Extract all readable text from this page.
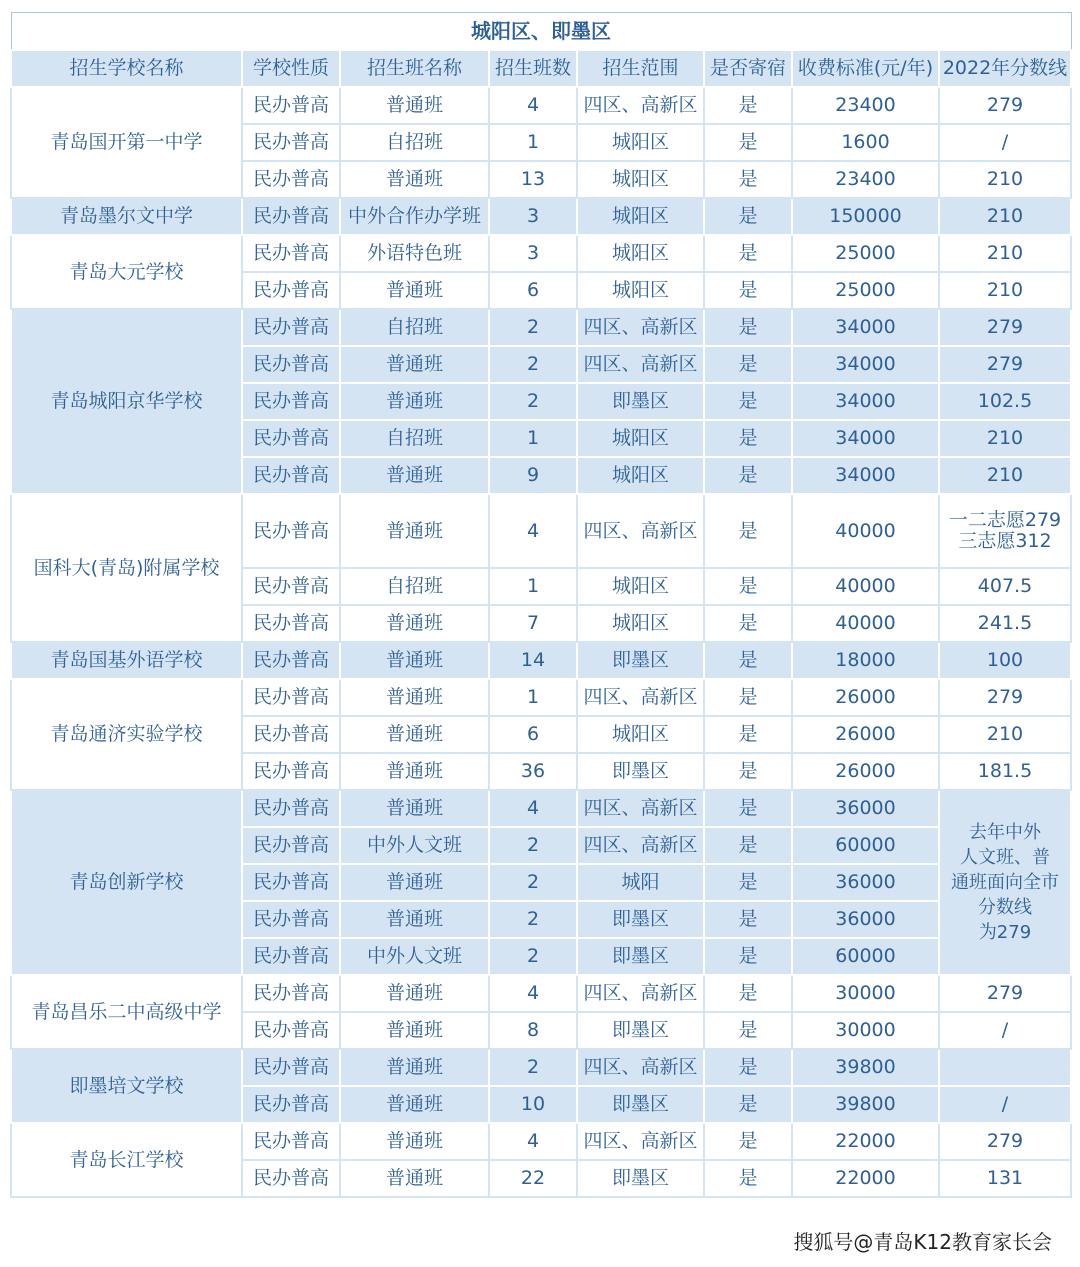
城阳区、即墨区							
招生学校名称	学校性质	招生班名称	招生班数	招生范围	是否寄宿	收费标准(元/年)	2022年分数线
青岛国开第一中学	民办普高	普通班	4	四区、高新区	是	23400	279
	民办普高	自招班	1	城阳区	是	1600	/
	民办普高	普通班	13	城阳区	是	23400	210
青岛墨尔文中学	民办普高	中外合作办学班	3	城阳区	是	150000	210
青岛大元学校	民办普高	外语特色班	3	城阳区	是	25000	210
	民办普高	普通班	6	城阳区	是	25000	210
青岛城阳京华学校	民办普高	自招班	2	四区、高新区	是	34000	279
	民办普高	普通班	2	四区、高新区	是	34000	279
	民办普高	普通班	2	即墨区	是	34000	102.5
	民办普高	自招班	1	城阳区	是	34000	210
	民办普高	普通班	9	城阳区	是	34000	210
国科大(青岛)附属学校	民办普高	普通班	4	四区、高新区	是	40000	一二志愿279
三志愿312
	民办普高	自招班	1	城阳区	是	40000	407.5
	民办普高	普通班	7	城阳区	是	40000	241.5
青岛国基外语学校	民办普高	普通班	14	即墨区	是	18000	100
青岛通济实验学校	民办普高	普通班	1	四区、高新区	是	26000	279
	民办普高	普通班	6	城阳区	是	26000	210
	民办普高	普通班	36	即墨区	是	26000	181.5
青岛创新学校	民办普高	普通班	4	四区、高新区	是	36000	去年中外
人文班、普
通班面向全市
分数线
为279
	民办普高	中外人文班	2	四区、高新区	是	60000	
	民办普高	普通班	2	城阳	是	36000	
	民办普高	普通班	2	即墨区	是	36000	
	民办普高	中外人文班	2	即墨区	是	60000	
青岛昌乐二中高级中学	民办普高	普通班	4	四区、高新区	是	30000	279
	民办普高	普通班	8	即墨区	是	30000	/
即墨培文学校	民办普高	普通班	2	四区、高新区	是	39800	
	民办普高	普通班	10	即墨区	是	39800	/
青岛长江学校	民办普高	普通班	4	四区、高新区	是	22000	279
	民办普高	普通班	22	即墨区	是	22000	131
搜狐号@青岛K12教育家长会
